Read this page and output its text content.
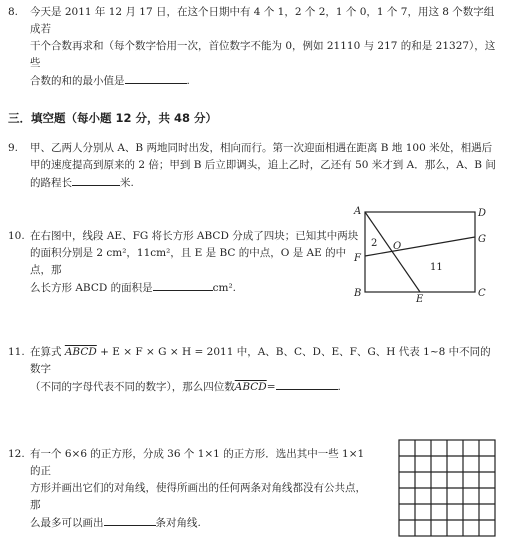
8. 今天是 2011 年 12 月 17 日，在这个日期中有 4 个 1，2 个 2，1 个 0，1 个 7，用这 8 个数字组成若
干个合数再求和（每个数字恰用一次，首位数字不能为 0，例如 21110 与 217 的和是 21327），这些
合数的和的最小值是	.
三．填空题（每小题 12 分，共 48 分）
9. 甲、乙两人分别从 A、B 两地同时出发，相向而行。第一次迎面相遇在距离 B 地 100 米处，相遇后
甲的速度提高到原来的 2 倍；甲到 B 后立即调头，追上乙时，乙还有 50 米才到 A．那么，A、B 间
的路程长	米.
10. 在右图中，线段 AE、FG 将长方形 ABCD 分成了四块；已知其中两块
的面积分别是 2 cm²，11cm²，且 E 是 BC 的中点，O 是 AE 的中点，那
么长方形 ABCD 的面积是	cm².
A	D
G
F
O
B
E
C
2
11
11. 在算式 ABCD + E × F × G × H = 2011 中，A、B、C、D、E、F、G、H 代表 1~8 中不同的数字
（不同的字母代表不同的数字），那么四位数ABCD=	.
12. 有一个 6×6 的正方形，分成 36 个 1×1 的正方形．选出其中一些 1×1 的正
方形并画出它们的对角线，使得所画出的任何两条对角线都没有公共点，那
么最多可以画出	条对角线.
